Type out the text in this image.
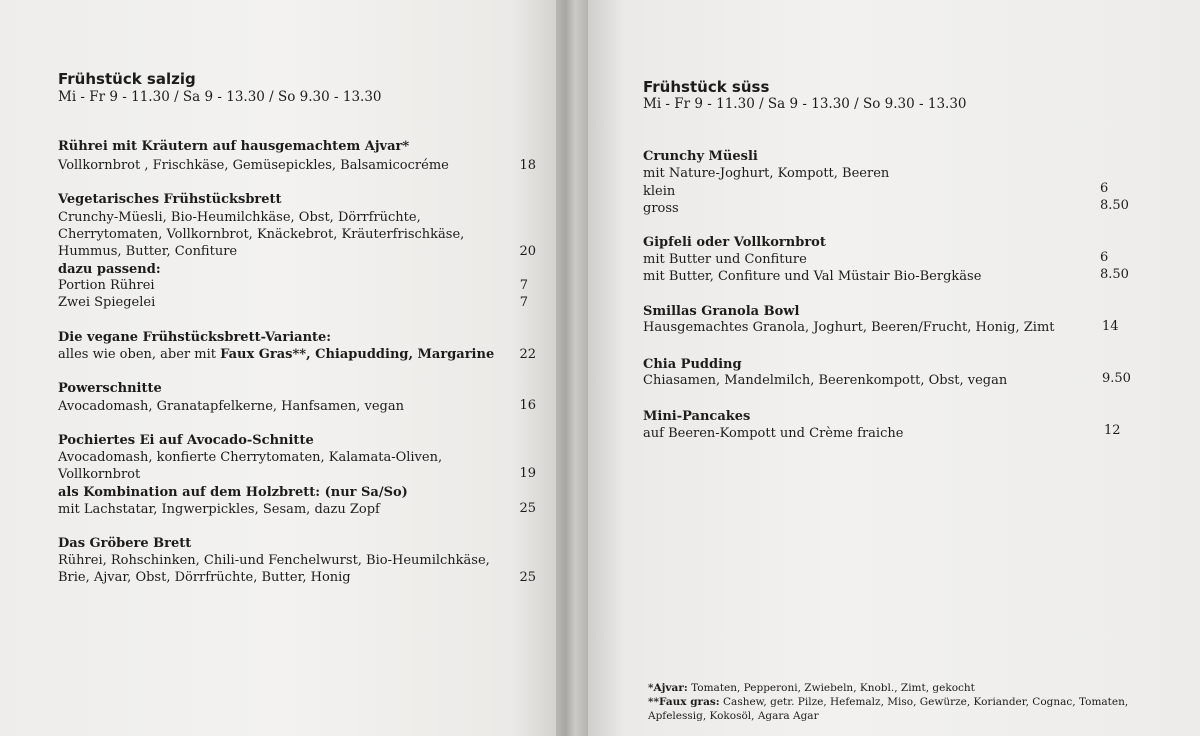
Frühstück salzig
Mi - Fr 9 - 11.30 / Sa 9 - 13.30 / So 9.30 - 13.30
Rührei mit Kräutern auf hausgemachtem Ajvar*
Vollkornbrot , Frischkäse, Gemüsepickles, Balsamicocréme	18
Vegetarisches Frühstücksbrett
Crunchy-Müesli, Bio-Heumilchkäse, Obst, Dörrfrüchte,
Cherrytomaten, Vollkornbrot, Knäckebrot, Kräuterfrischkäse,
Hummus, Butter, Confiture	20
dazu passend:
Portion Rührei	7
Zwei Spiegelei	7
Die vegane Frühstücksbrett-Variante:
alles wie oben, aber mit Faux Gras**, Chiapudding, Margarine	22
Powerschnitte
Avocadomash, Granatapfelkerne, Hanfsamen, vegan	16
Pochiertes Ei auf Avocado-Schnitte
Avocadomash, konfierte Cherrytomaten, Kalamata-Oliven,
Vollkornbrot	19
als Kombination auf dem Holzbrett: (nur Sa/So)
mit Lachstatar, Ingwerpickles, Sesam, dazu Zopf	25
Das Gröbere Brett
Rührei, Rohschinken, Chili-und Fenchelwurst, Bio-Heumilchkäse,
Brie, Ajvar, Obst, Dörrfrüchte, Butter, Honig	25
Frühstück süss
Mi - Fr 9 - 11.30 / Sa 9 - 13.30 / So 9.30 - 13.30
Crunchy Müesli
mit Nature-Joghurt, Kompott, Beeren
klein	6
gross	8.50
Gipfeli oder Vollkornbrot
mit Butter und Confiture	6
mit Butter, Confiture und Val Müstair Bio-Bergkäse	8.50
Smillas Granola Bowl
Hausgemachtes Granola, Joghurt, Beeren/Frucht, Honig, Zimt	14
Chia Pudding
Chiasamen, Mandelmilch, Beerenkompott, Obst, vegan	9.50
Mini-Pancakes
auf Beeren-Kompott und Crème fraiche	12
*Ajvar: Tomaten, Pepperoni, Zwiebeln, Knobl., Zimt, gekocht
**Faux gras: Cashew, getr. Pilze, Hefemalz, Miso, Gewürze, Koriander, Cognac, Tomaten,
Apfelessig, Kokosöl, Agara Agar
